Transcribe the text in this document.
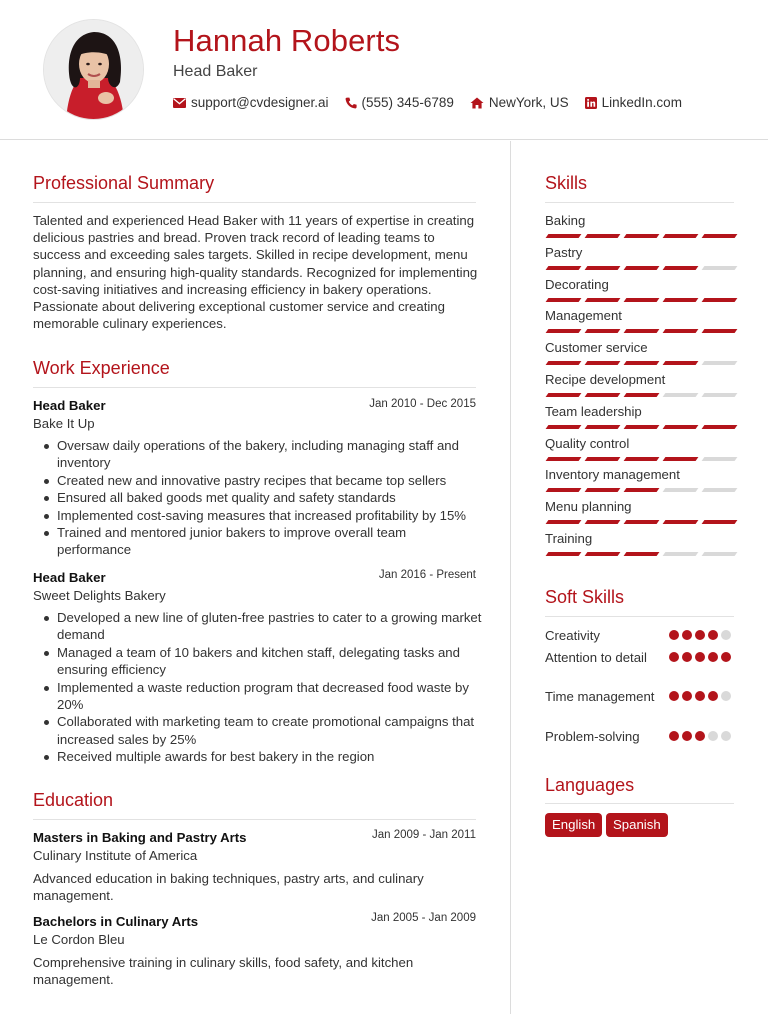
Hannah Roberts
Head Baker
support@cvdesigner.ai (555) 345-6789	NewYork, US LinkedIn.com
Professional Summary
Talented and experienced Head Baker with 11 years of expertise in creating delicious pastries and bread. Proven track record of leading teams to success and exceeding sales targets. Skilled in recipe development, menu planning, and ensuring high-quality standards. Recognized for implementing cost-saving initiatives and increasing efficiency in bakery operations. Passionate about delivering exceptional customer service and creating memorable culinary experiences.
Work Experience
Head Baker	Jan 2010 - Dec 2015
Bake It Up
Oversaw daily operations of the bakery, including managing staff and inventory
Created new and innovative pastry recipes that became top sellers
Ensured all baked goods met quality and safety standards
Implemented cost-saving measures that increased profitability by 15%
Trained and mentored junior bakers to improve overall team performance
Head Baker	Jan 2016 - Present
Sweet Delights Bakery
Developed a new line of gluten-free pastries to cater to a growing market demand
Managed a team of 10 bakers and kitchen staff, delegating tasks and ensuring efficiency
Implemented a waste reduction program that decreased food waste by 20%
Collaborated with marketing team to create promotional campaigns that increased sales by 25%
Received multiple awards for best bakery in the region
Education
Masters in Baking and Pastry Arts	Jan 2009 - Jan 2011
Culinary Institute of America
Advanced education in baking techniques, pastry arts, and culinary management.
Bachelors in Culinary Arts	Jan 2005 - Jan 2009
Le Cordon Bleu
Comprehensive training in culinary skills, food safety, and kitchen management.
Skills
Baking
Pastry
Decorating
Management
Customer service
Recipe development
Team leadership
Quality control
Inventory management
Menu planning
Training
Soft Skills
Creativity
Attention to detail
Time management
Problem-solving
Languages
English	Spanish
